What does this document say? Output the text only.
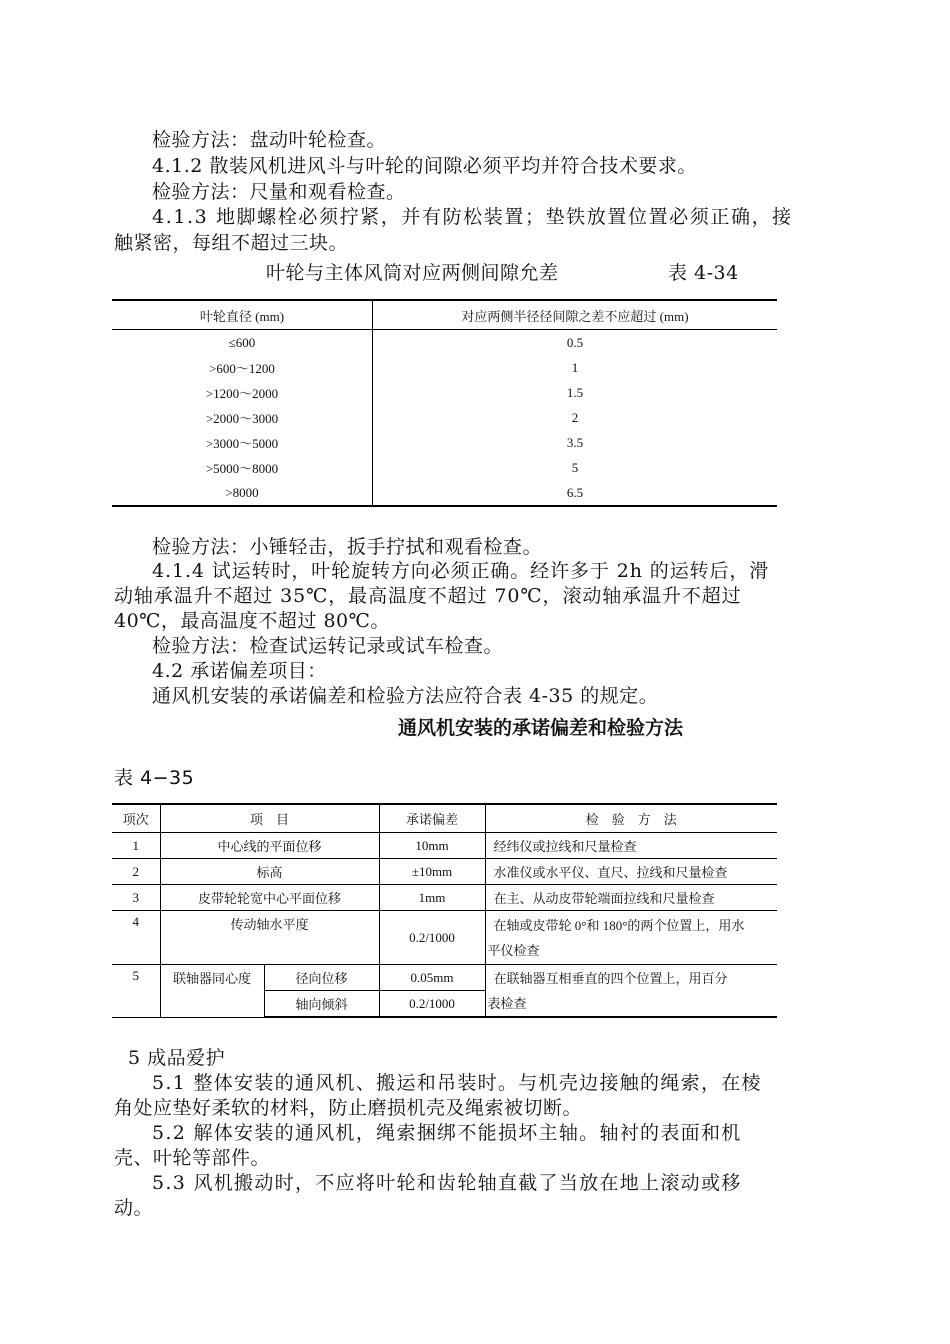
检验方法：盘动叶轮检查。
4.1.2 散装风机进风斗与叶轮的间隙必须平均并符合技术要求。
检验方法：尺量和观看检查。
4.1.3 地脚螺栓必须拧紧，并有防松装置；垫铁放置位置必须正确，接
触紧密，每组不超过三块。
叶轮与主体风筒对应两侧间隙允差	表 4-34
叶轮直径 (mm)	对应两侧半径径间隙之差不应超过 (mm)
≤600	0.5
>600～1200	1
>1200～2000	1.5
>2000～3000	2
>3000～5000	3.5
>5000～8000	5
>8000	6.5
检验方法：小锤轻击，扳手拧拭和观看检查。
4.1.4 试运转时，叶轮旋转方向必须正确。经许多于 2h 的运转后，滑
动轴承温升不超过 35℃，最高温度不超过 70℃，滚动轴承温升不超过
40℃，最高温度不超过 80℃。
检验方法：检查试运转记录或试车检查。
4.2 承诺偏差项目：
通风机安装的承诺偏差和检验方法应符合表 4-35 的规定。
通风机安装的承诺偏差和检验方法
表 4−35
项次	项　目		承诺偏差	检　验　方　法
1	中心线的平面位移		10mm	经纬仪或拉线和尺量检查
2	标高		±10mm	水准仪或水平仪、直尺、拉线和尺量检查
3	皮带轮轮宽中心平面位移		1mm	在主、从动皮带轮端面拉线和尺量检查
4	传动轴水平度		0.2/1000	在轴或皮带轮 0°和 180°的两个位置上，用水
平仪检查

5	联轴器同心度	径向位移	0.05mm	在联轴器互相垂直的四个位置上，用百分
表检查

		轴向倾斜	0.2/1000	
5 成品爱护
5.1 整体安装的通风机、搬运和吊装时。与机壳边接触的绳索，在棱
角处应垫好柔软的材料，防止磨损机壳及绳索被切断。
5.2 解体安装的通风机，绳索捆绑不能损坏主轴。轴衬的表面和机
壳、叶轮等部件。
5.3 风机搬动时，不应将叶轮和齿轮轴直截了当放在地上滚动或移
动。
